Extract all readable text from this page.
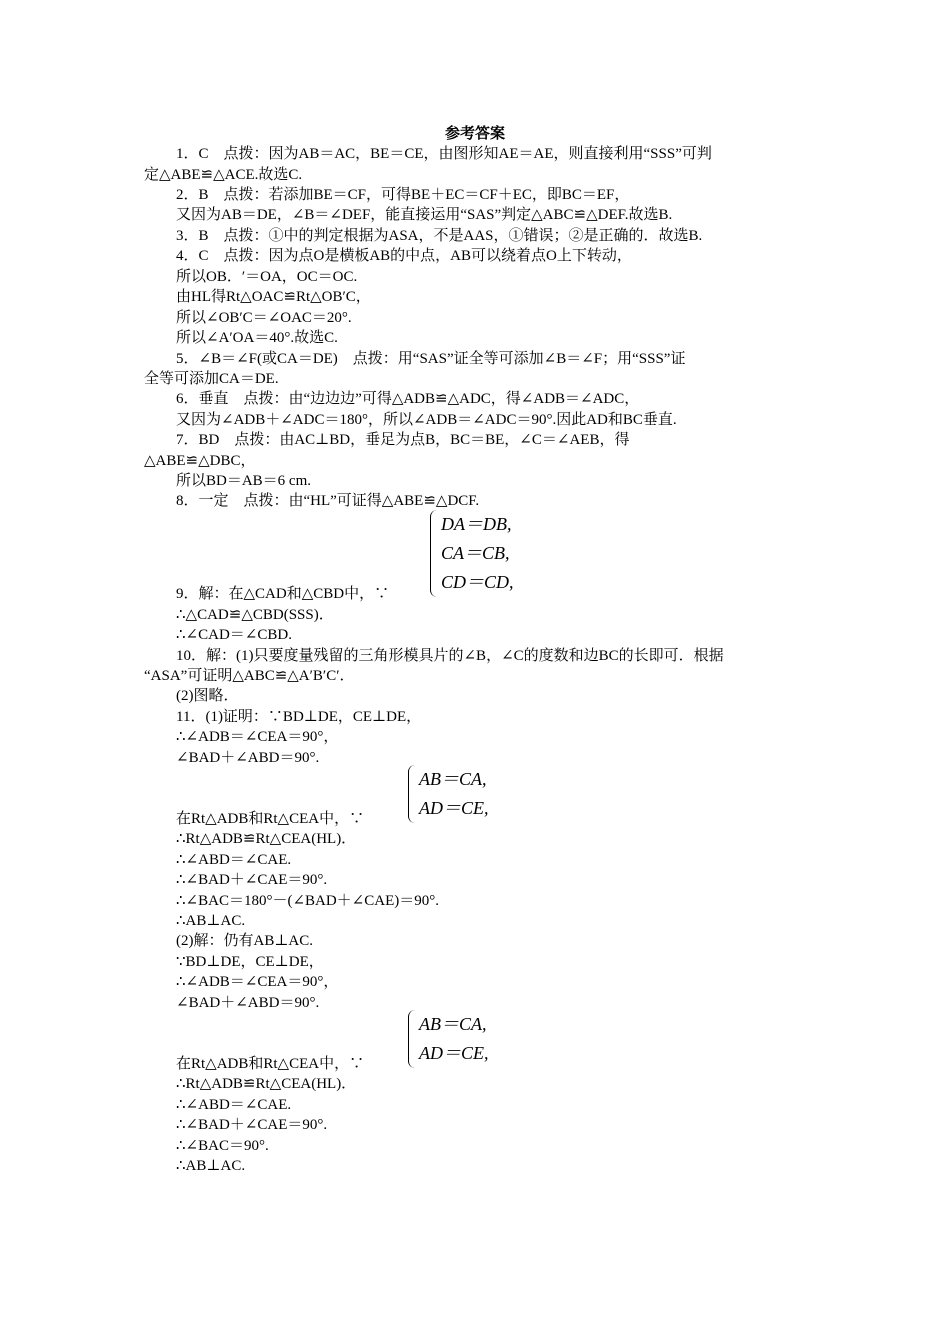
参考答案
1．C　点拨：因为AB＝AC，BE＝CE，由图形知AE＝AE，则直接利用“SSS”可判
定△ABE≌△ACE.故选C.
2．B　点拨：若添加BE＝CF，可得BE＋EC＝CF＋EC，即BC＝EF，
又因为AB＝DE，∠B＝∠DEF，能直接运用“SAS”判定△ABC≌△DEF.故选B.
3．B　点拨：①中的判定根据为ASA，不是AAS，①错误；②是正确的．故选B.
4．C　点拨：因为点O是横板AB的中点，AB可以绕着点O上下转动，
所以OB．′＝OA，OC＝OC.
由HL得Rt△OAC≌Rt△OB′C，
所以∠OB′C＝∠OAC＝20°.
所以∠A′OA＝40°.故选C.
5．∠B＝∠F(或CA＝DE)　点拨：用“SAS”证全等可添加∠B＝∠F；用“SSS”证
全等可添加CA＝DE.
6．垂直　点拨：由“边边边”可得△ADB≌△ADC，得∠ADB＝∠ADC，
又因为∠ADB＋∠ADC＝180°，所以∠ADB＝∠ADC＝90°.因此AD和BC垂直.
7．BD　点拨：由AC⊥BD，垂足为点B，BC＝BE，∠C＝∠AEB，得
△ABE≌△DBC，
所以BD＝AB＝6 cm.
8．一定　点拨：由“HL”可证得△ABE≌△DCF.
DA＝DB,
CA＝CB,
CD＝CD,
9．解：在△CAD和△CBD中，∵
∴△CAD≌△CBD(SSS)．
∴∠CAD＝∠CBD.
10．解：(1)只要度量残留的三角形模具片的∠B，∠C的度数和边BC的长即可．根据
“ASA”可证明△ABC≌△A′B′C′．
(2)图略．
11．(1)证明：∵BD⊥DE，CE⊥DE，
∴∠ADB＝∠CEA＝90°，
∠BAD＋∠ABD＝90°.
AB＝CA,
AD＝CE,
在Rt△ADB和Rt△CEA中，∵
∴Rt△ADB≌Rt△CEA(HL)．
∴∠ABD＝∠CAE.
∴∠BAD＋∠CAE＝90°.
∴∠BAC＝180°－(∠BAD＋∠CAE)＝90°.
∴AB⊥AC.
(2)解：仍有AB⊥AC.
∵BD⊥DE，CE⊥DE，
∴∠ADB＝∠CEA＝90°，
∠BAD＋∠ABD＝90°.
AB＝CA,
AD＝CE,
在Rt△ADB和Rt△CEA中，∵
∴Rt△ADB≌Rt△CEA(HL)．
∴∠ABD＝∠CAE.
∴∠BAD＋∠CAE＝90°.
∴∠BAC＝90°.
∴AB⊥AC.
